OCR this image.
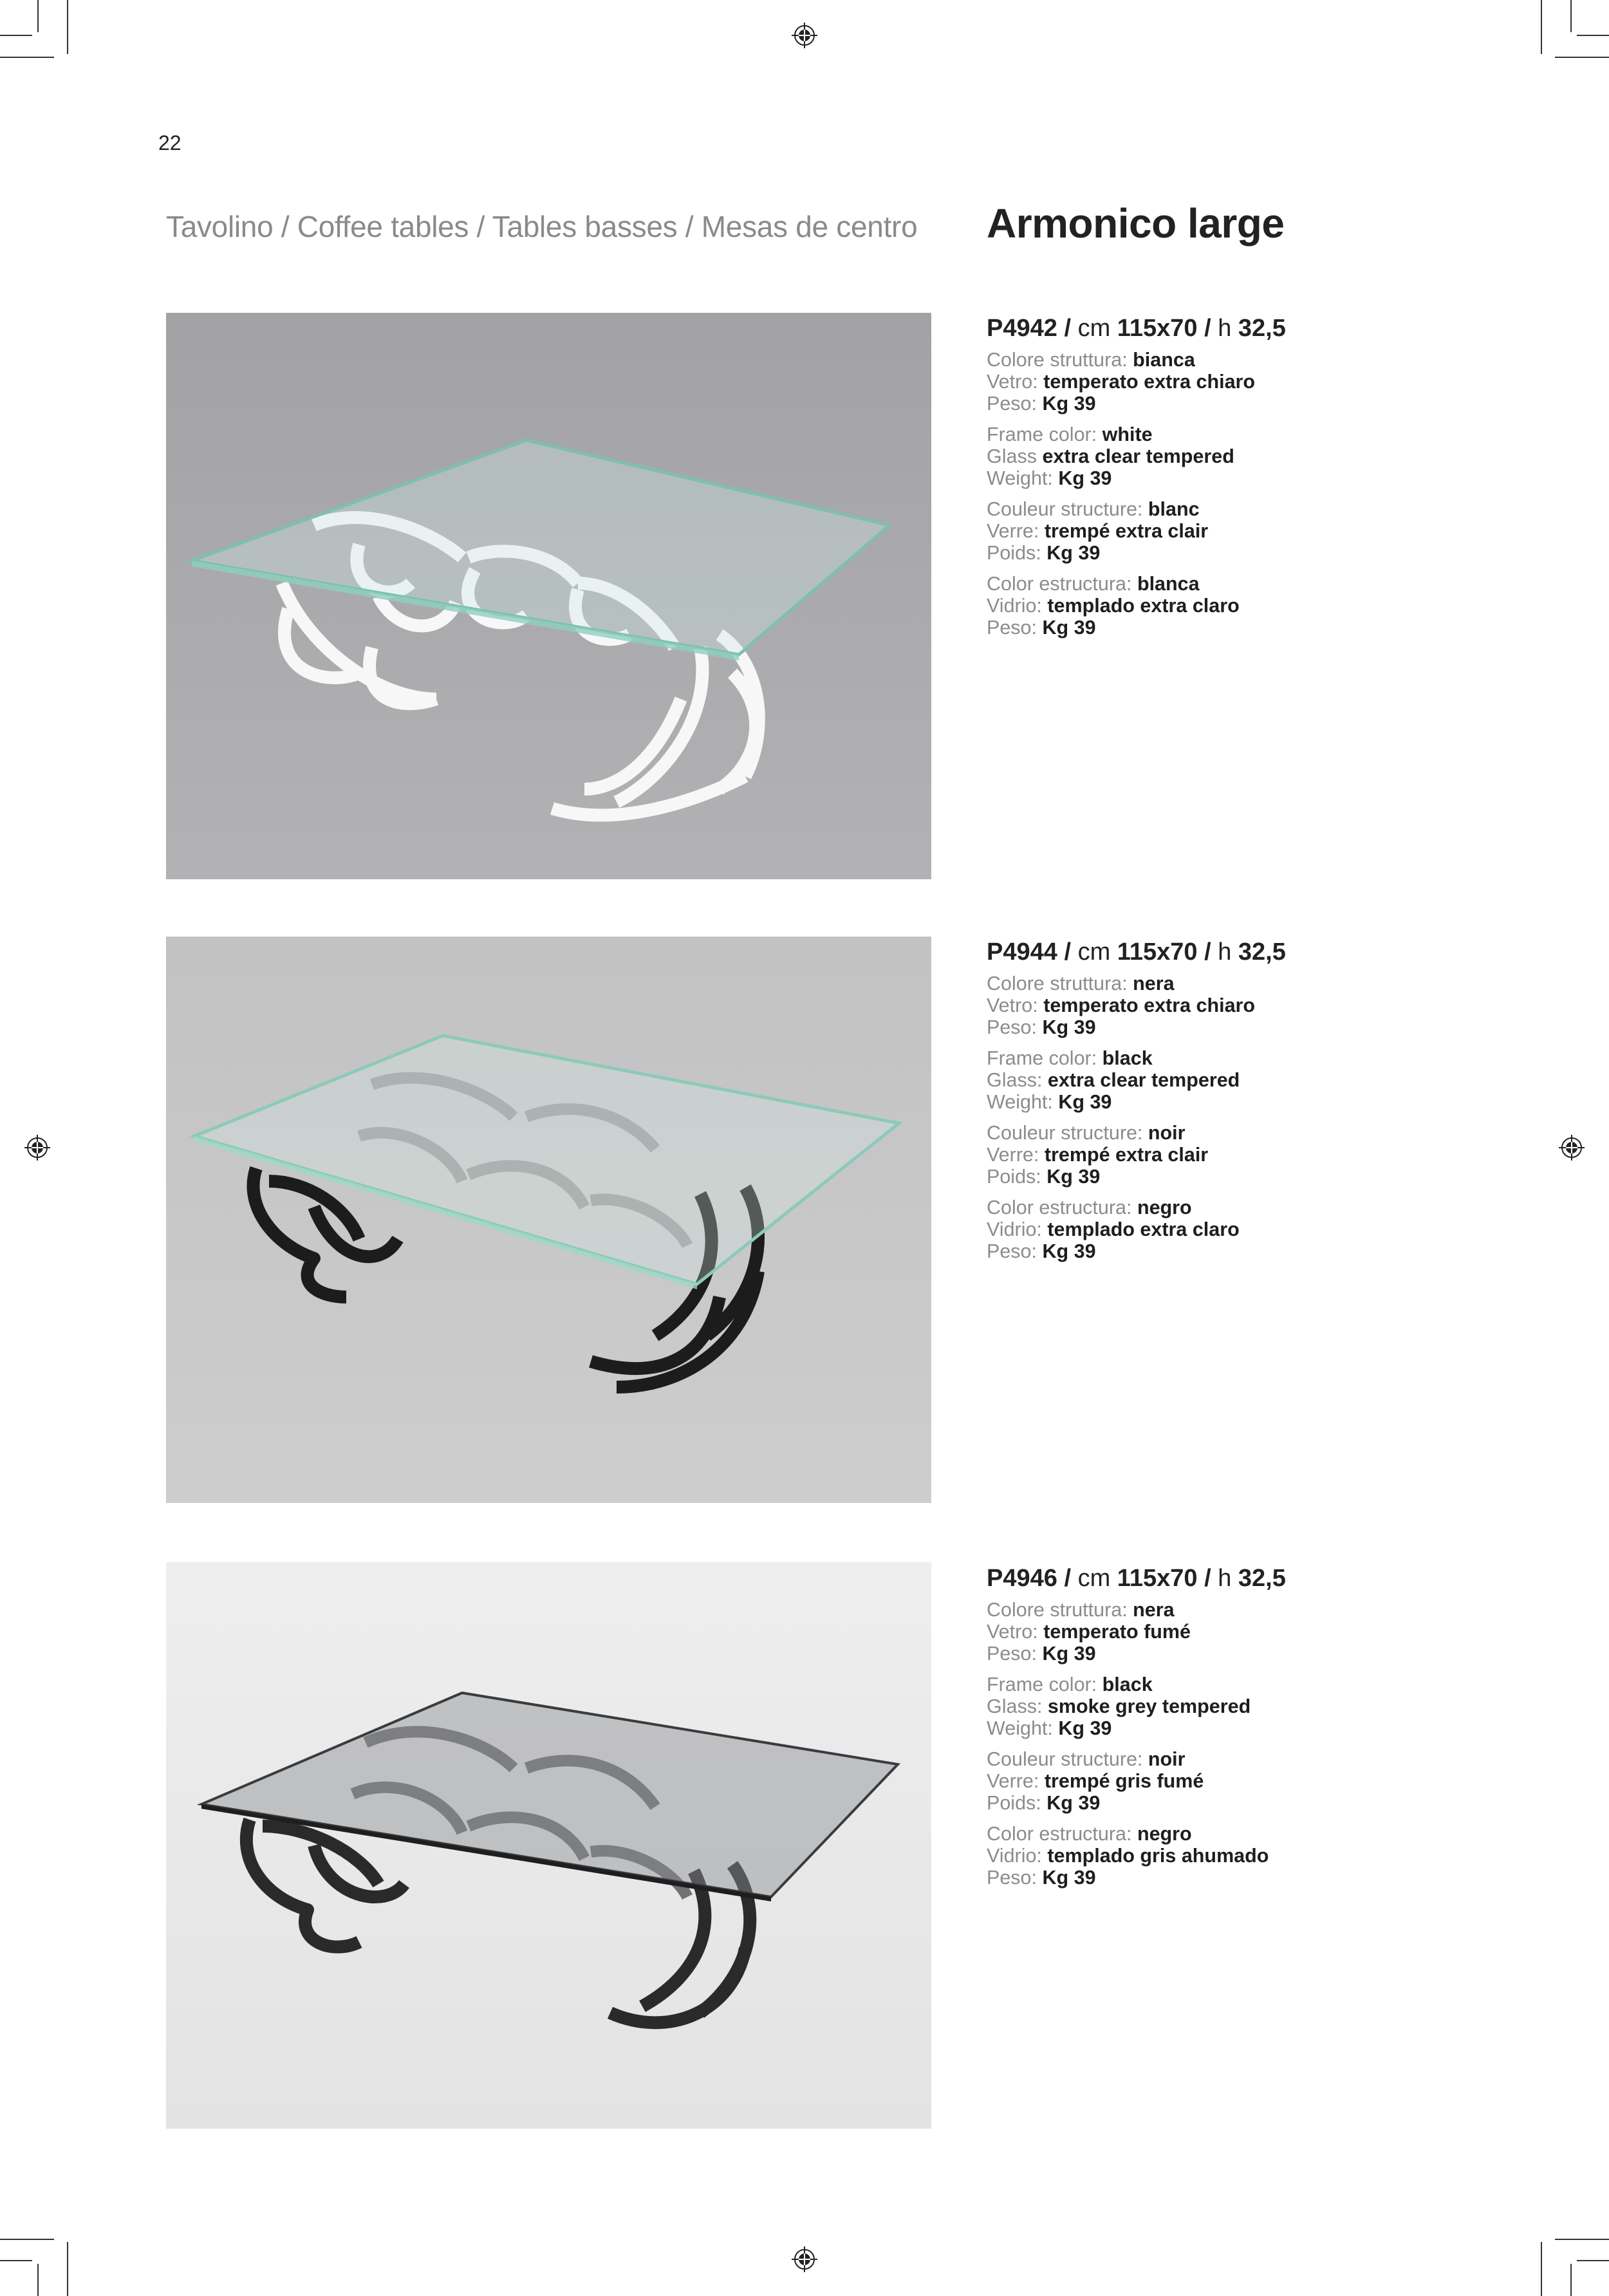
22
Tavolino / Coffee tables / Tables basses / Mesas de centro Armonico large
P4942 / cm 115x70 / h 32,5
Colore struttura: bianca
Vetro: temperato extra chiaro
Peso: Kg 39
Frame color: white
Glass extra clear tempered
Weight: Kg 39
Couleur structure: blanc
Verre: trempé extra clair
Poids: Kg 39
Color estructura: blanca
Vidrio: templado extra claro
Peso: Kg 39
P4944 / cm 115x70 / h 32,5
Colore struttura: nera
Vetro: temperato extra chiaro
Peso: Kg 39
Frame color: black
Glass: extra clear tempered
Weight: Kg 39
Couleur structure: noir
Verre: trempé extra clair
Poids: Kg 39
Color estructura: negro
Vidrio: templado extra claro
Peso: Kg 39
P4946 / cm 115x70 / h 32,5
Colore struttura: nera
Vetro: temperato fumé
Peso: Kg 39
Frame color: black
Glass: smoke grey tempered
Weight: Kg 39
Couleur structure: noir
Verre: trempé gris fumé
Poids: Kg 39
Color estructura: negro
Vidrio: templado gris ahumado
Peso: Kg 39
